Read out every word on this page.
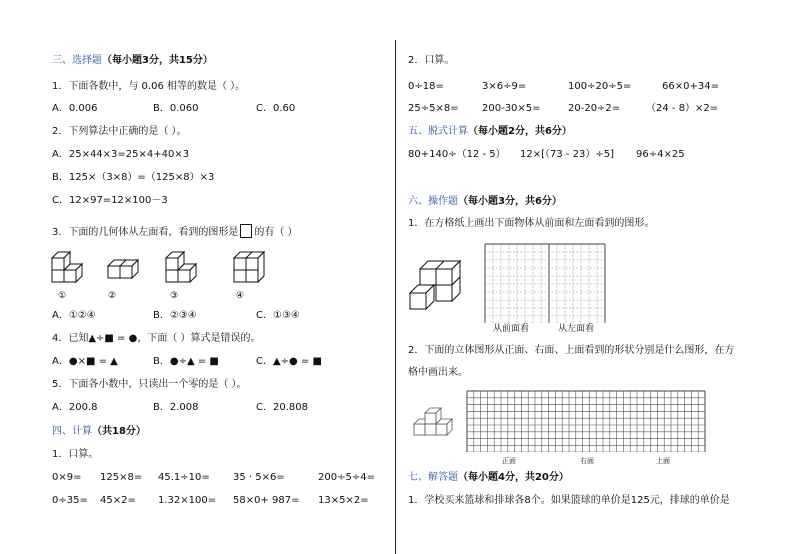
三、选择题（每小题3分，共15分）
1．下面各数中，与 0.06 相等的数是（ ）。
A．0.006	B．0.060	C．0.60
2．下列算法中正确的是（ ）。
A．25×44×3=25×4+40×3
B．125×（3×8）=（125×8）×3
C．12×97=12×100－3
3．下面的几何体从左面看，看到的图形是 的有（ ）
①	②	③	④
A．①②④	B．②③④	C．①③④
4．已知▲÷■ = ●，下面（ ）算式是错误的。
A．●×■ = ▲	B．●÷▲ = ■	C．▲÷● = ■
5．下面各小数中，只读出一个零的是（ ）。
A．200.8	B．2.008	C．20.808
四、计算（共18分）
1．口算。
0×9= 125×8= 45.1÷10= 35 · 5×6=	200÷5÷4=
0÷35= 45×2= 1.32×100= 58×0+ 987= 13×5×2=
2．口算。
0÷18=	3×6÷9=	100÷20÷5=	66×0+34=
25÷5×8= 200-30×5=	20-20÷2=	（24 - 8）×2=
五、脱式计算（每小题2分，共6分）
80+140÷（12 - 5） 12×[（73 - 23）÷5] 96÷4×25
六、操作题（每小题3分，共6分）
1．在方格纸上画出下面物体从前面和左面看到的图形。
从前面看	从左面看
2．下面的立体图形从正面、右面、上面看到的形状分别是什么图形，在方
格中画出来。
正面	右面	上面
七、解答题（每小题4分，共20分）
1．学校买来篮球和排球各8个。如果篮球的单价是125元，排球的单价是
